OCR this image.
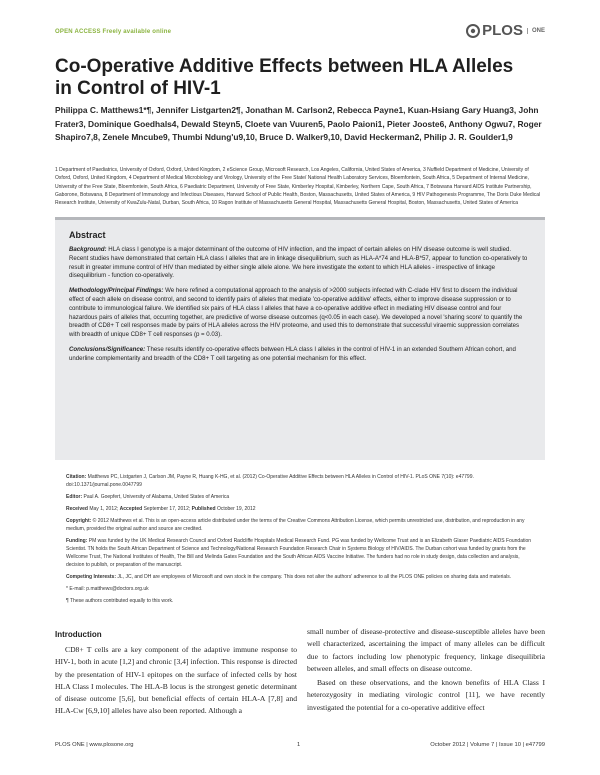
OPEN ACCESS Freely available online	PLOS	ONE
Co-Operative Additive Effects between HLA Alleles in Control of HIV-1
Philippa C. Matthews1*¶, Jennifer Listgarten2¶, Jonathan M. Carlson2, Rebecca Payne1, Kuan-Hsiang Gary Huang3, John Frater3, Dominique Goedhals4, Dewald Steyn5, Cloete van Vuuren5, Paolo Paioni1, Pieter Jooste6, Anthony Ogwu7, Roger Shapiro7,8, Zenele Mncube9, Thumbi Ndung'u9,10, Bruce D. Walker9,10, David Heckerman2, Philip J. R. Goulder1,9
1 Department of Paediatrics, University of Oxford, Oxford, United Kingdom, 2 eScience Group, Microsoft Research, Los Angeles, California, United States of America, 3 Nuffield Department of Medicine, University of Oxford, Oxford, United Kingdom, 4 Department of Medical Microbiology and Virology, University of the Free State/ National Health Laboratory Services, Bloemfontein, South Africa, 5 Department of Internal Medicine, University of the Free State, Bloemfontein, South Africa, 6 Paediatric Department, University of Free State, Kimberley Hospital, Kimberley, Northern Cape, South Africa, 7 Botswana Harvard AIDS Institute Partnership, Gaborone, Botswana, 8 Department of Immunology and Infectious Diseases, Harvard School of Public Health, Boston, Massachusetts, United States of America, 9 HIV Pathogenesis Programme, The Doris Duke Medical Research Institute, University of KwaZulu-Natal, Durban, South Africa, 10 Ragon Institute of Massachusetts General Hospital, Massachusetts General Hospital, Boston, Massachusetts, United States of America
Abstract

Background: HLA class I genotype is a major determinant of the outcome of HIV infection, and the impact of certain alleles on HIV disease outcome is well studied. Recent studies have demonstrated that certain HLA class I alleles that are in linkage disequilibrium, such as HLA-A*74 and HLA-B*57, appear to function co-operatively to result in greater immune control of HIV than mediated by either single allele alone. We here investigate the extent to which HLA alleles - irrespective of linkage disequilibrium - function co-operatively.

Methodology/Principal Findings: We here refined a computational approach to the analysis of >2000 subjects infected with C-clade HIV first to discern the individual effect of each allele on disease control, and second to identify pairs of alleles that mediate 'co-operative additive' effects, either to improve disease suppression or to contribute to immunological failure. We identified six pairs of HLA class I alleles that have a co-operative additive effect in mediating HIV disease control and four hazardous pairs of alleles that, occurring together, are predictive of worse disease outcomes (q<0.05 in each case). We developed a novel 'sharing score' to quantify the breadth of CD8+ T cell responses made by pairs of HLA alleles across the HIV proteome, and used this to demonstrate that successful viraemic suppression correlates with breadth of unique CD8+ T cell responses (p = 0.03).

Conclusions/Significance: These results identify co-operative effects between HLA class I alleles in the control of HIV-1 in an extended Southern African cohort, and underline complementarity and breadth of the CD8+ T cell targeting as one potential mechanism for this effect.

Citation: Matthews PC, Listgarten J, Carlson JM, Payne R, Huang K-HG, et al. (2012) Co-Operative Additive Effects between HLA Alleles in Control of HIV-1. PLoS ONE 7(10): e47799. doi:10.1371/journal.pone.0047799

Editor: Paul A. Goepfert, University of Alabama, United States of America

Received May 1, 2012; Accepted September 17, 2012; Published October 19, 2012

Copyright: © 2012 Matthews et al. This is an open-access article distributed under the terms of the Creative Commons Attribution License, which permits unrestricted use, distribution, and reproduction in any medium, provided the original author and source are credited.

Funding: PM was funded by the UK Medical Research Council and Oxford Radcliffe Hospitals Medical Research Fund. PG was funded by Wellcome Trust and is an Elizabeth Glaser Paediatric AIDS Foundation Scientist. TN holds the South African Department of Science and Technology/National Research Foundation Research Chair in Systems Biology of HIV/AIDS. The Durban cohort was funded by grants from the Wellcome Trust, The National Institutes of Health, The Bill and Melinda Gates Foundation and the South African AIDS Vaccine Initiative. The funders had no role in study design, data collection and analysis, decision to publish, or preparation of the manuscript.

Competing Interests: JL, JC, and DH are employees of Microsoft and own stock in the company. This does not alter the authors' adherence to all the PLOS ONE policies on sharing data and materials.

* E-mail: p.matthews@doctors.org.uk

¶ These authors contributed equally to this work.

Introduction
CD8+ T cells are a key component of the adaptive immune response to HIV-1, both in acute [1,2] and chronic [3,4] infection. This response is directed by the presentation of HIV-1 epitopes on the surface of infected cells by host HLA Class I molecules. The HLA-B locus is the strongest genetic determinant of disease outcome [5,6], but beneficial effects of certain HLA-A [7,8] and HLA-Cw [6,9,10] alleles have also been reported. Although a

small number of disease-protective and disease-susceptible alleles have been well characterized, ascertaining the impact of many alleles can be difficult due to factors including low phenotypic frequency, linkage disequilibria between alleles, and small effects on disease outcome.

Based on these observations, and the known benefits of HLA Class I heterozygosity in mediating virologic control [11], we have recently investigated the potential for a co-operative additive effect

PLOS ONE | www.plosone.org	1	October 2012 | Volume 7 | Issue 10 | e47799
